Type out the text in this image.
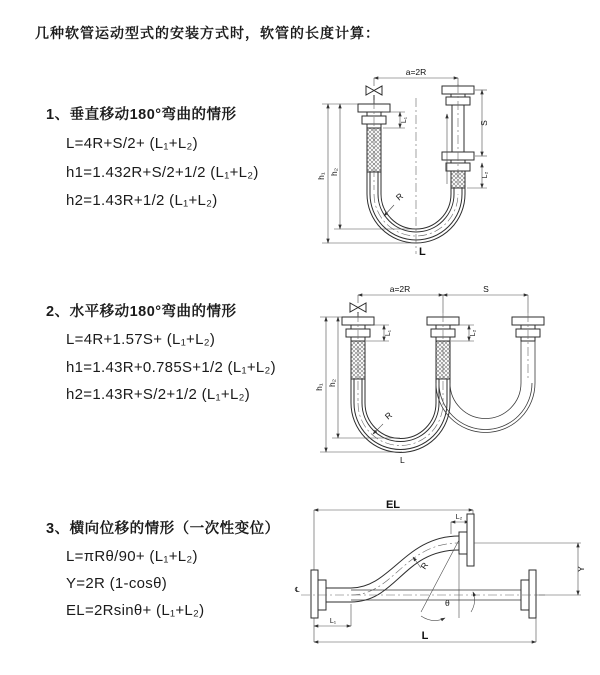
几种软管运动型式的安装方式时，软管的长度计算：
1、垂直移动180°弯曲的情形
L=4R+S/2+ (L₁+L₂)
h1=1.432R+S/2+1/2 (L₁+L₂)
h2=1.43R+1/2 (L₁+L₂)
2、水平移动180°弯曲的情形
L=4R+1.57S+ (L₁+L₂)
h1=1.43R+0.785S+1/2 (L₁+L₂)
h2=1.43R+S/2+1/2 (L₁+L₂)
3、横向位移的情形（一次性变位）
L=πRθ/90+ (L₁+L₂)
Y=2R (1-cosθ)
EL=2Rsinθ+ (L₁+L₂)
a=2R
h₁ h₂
L₁	S
L₂
R
L
a=2R	S
h₁ h₂
L₁	L₂
R
L
EL
L₂
℄
Y
θ
R
L₁
L
